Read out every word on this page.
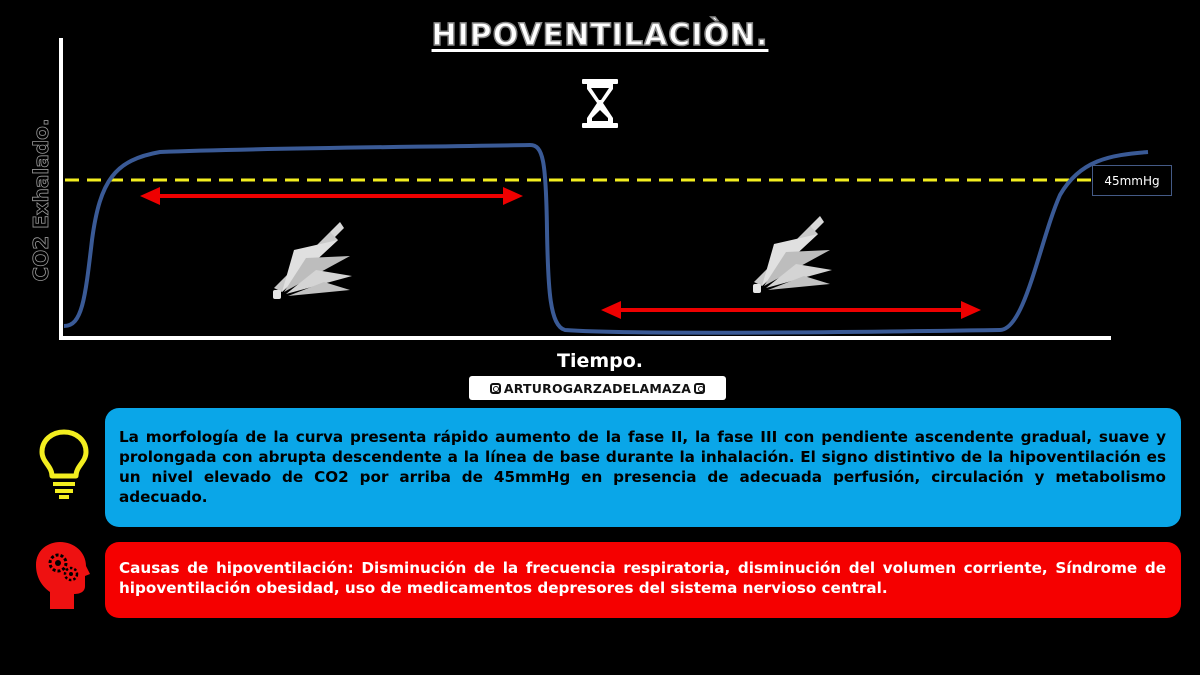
HIPOVENTILACIÒN.
CO2 Exhalado.
Tiempo.
ARTUROGARZADELAMAZA
45mmHg
La morfología de la curva presenta rápido aumento de la fase II, la fase III con pendiente ascendente gradual, suave y prolongada con abrupta descendente a la línea de base durante la inhalación. El signo distintivo de la hipoventilación es un nivel elevado de CO2 por arriba de 45mmHg en presencia de adecuada perfusión, circulación y metabolismo adecuado.
Causas de hipoventilación: Disminución de la frecuencia respiratoria, disminución del volumen corriente, Síndrome de hipoventilación obesidad, uso de medicamentos depresores del sistema nervioso central.
